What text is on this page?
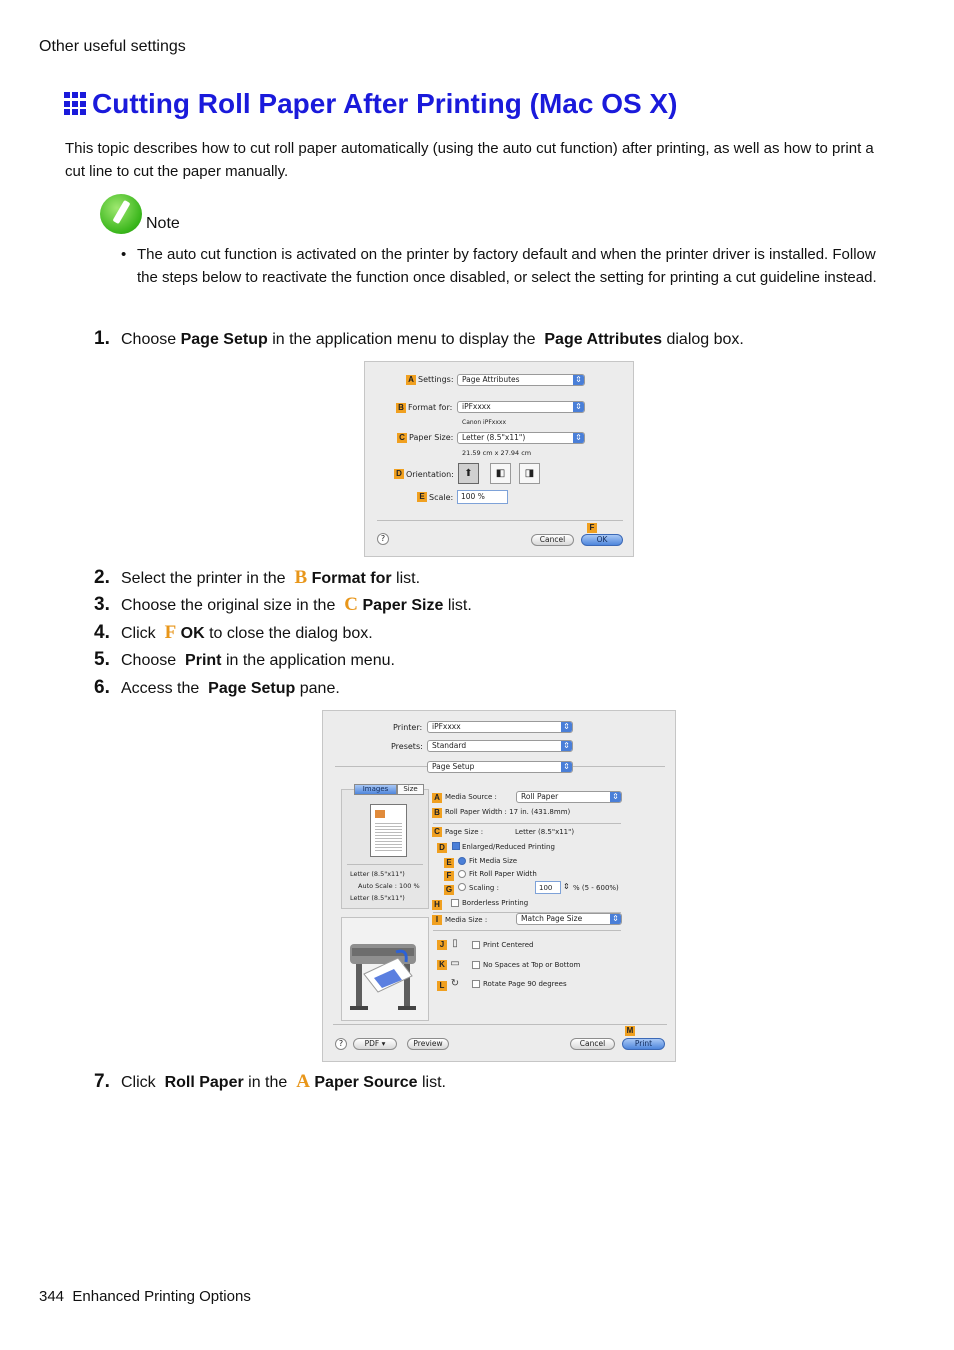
Other useful settings
Cutting Roll Paper After Printing (Mac OS X)

This topic describes how to cut roll paper automatically (using the auto cut function) after printing, as well as how to print a cut line to cut the paper manually.

Note
• The auto cut function is activated on the printer by factory default and when the printer driver is installed. Follow the steps below to reactivate the function once disabled, or select the setting for printing a cut guideline instead.
1. Choose
Page Setup in the application menu to display the
Page Attributes dialog box.
A Settings:	Page Attributes ⇕
B Format for:	iPFxxxx ⇕
Canon iPFxxxx
C Paper Size:	Letter (8.5"x11") ⇕
21.59 cm x 27.94 cm
D Orientation:	⬆	◧	◨
E Scale:	100 %
F
?	Cancel	OK
2. Select the printer in the
B
Format for list.
3. Choose the original size in the
C
Paper Size list.
4. Click
F
OK to close the dialog box.
5. Choose
Print in the application menu.
6. Access the
Page Setup pane.
Printer:	iPFxxxx ⇕
Presets:	Standard ⇕
Page Setup ⇕
Images	Size
Letter (8.5"x11")
Auto Scale : 100 %
Letter (8.5"x11")
A Media Source :	Roll Paper ⇕
B Roll Paper Width : 17 in. (431.8mm)
C Page Size :	Letter (8.5"x11")
D	Enlarged/Reduced Printing
E	Fit Media Size
F	Fit Roll Paper Width
G Scaling :	100	⇕ % (5 - 600%)
H	Borderless Printing
I Media Size :	Match Page Size ⇕
J ▯	Print Centered
K ▭	No Spaces at Top or Bottom
L ↻	Rotate Page 90 degrees
M
?	PDF ▾	Preview	Cancel	Print
7. Click
Roll Paper in the
A
Paper Source list.
344 Enhanced Printing Options
